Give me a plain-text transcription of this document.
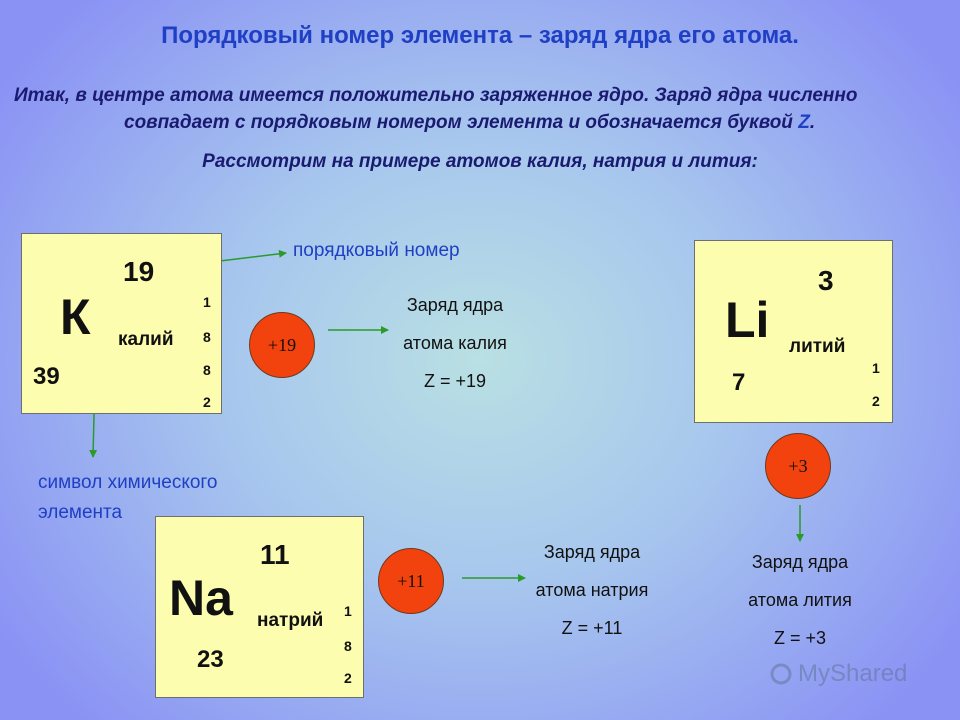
Порядковый номер элемента – заряд ядра его атома.
Итак, в центре атома имеется положительно заряженное ядро. Заряд ядра численно
совпадает с порядковым номером элемента и обозначается буквой Z.
Рассмотрим на примере атомов калия, натрия и лития:
19
К калий
39
1
8
8
2
3
Li литий
7
1
2
11
Na натрий
23
1
8
2
+19
+11
+3
Заряд ядра
атома калия
Z = +19
Заряд ядра
атома натрия
Z = +11
Заряд ядра
атома лития
Z = +3
порядковый номер
символ химического
элемента
MyShared
